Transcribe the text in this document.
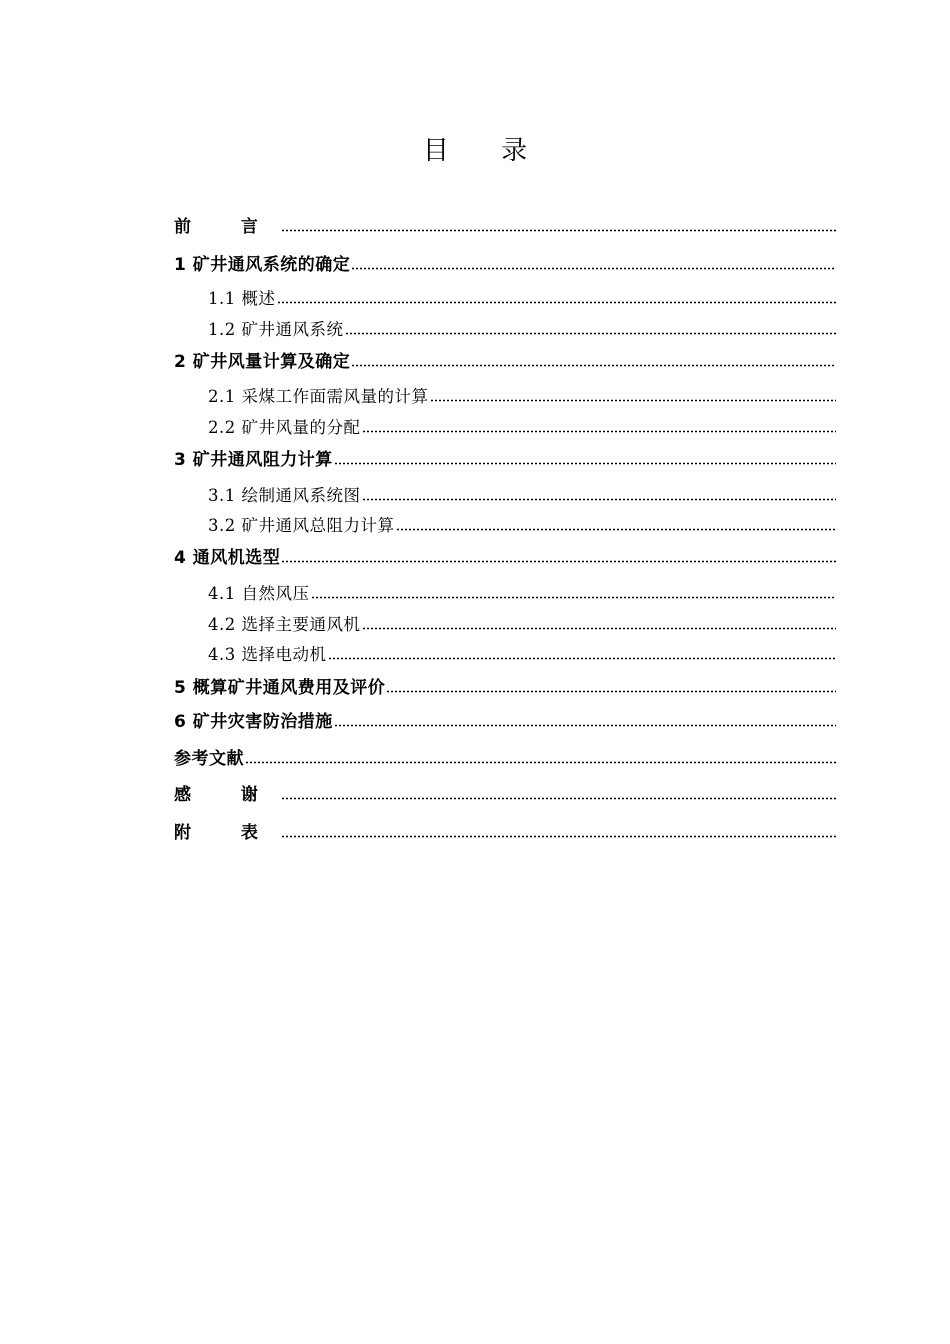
目 录
前 言
1 矿井通风系统的确定
1.1 概述
1.2 矿井通风系统
2 矿井风量计算及确定
2.1 采煤工作面需风量的计算
2.2 矿井风量的分配
3 矿井通风阻力计算
3.1 绘制通风系统图
3.2 矿井通风总阻力计算
4 通风机选型
4.1 自然风压
4.2 选择主要通风机
4.3 选择电动机
5 概算矿井通风费用及评价
6 矿井灾害防治措施
参考文献
感 谢
附 表
